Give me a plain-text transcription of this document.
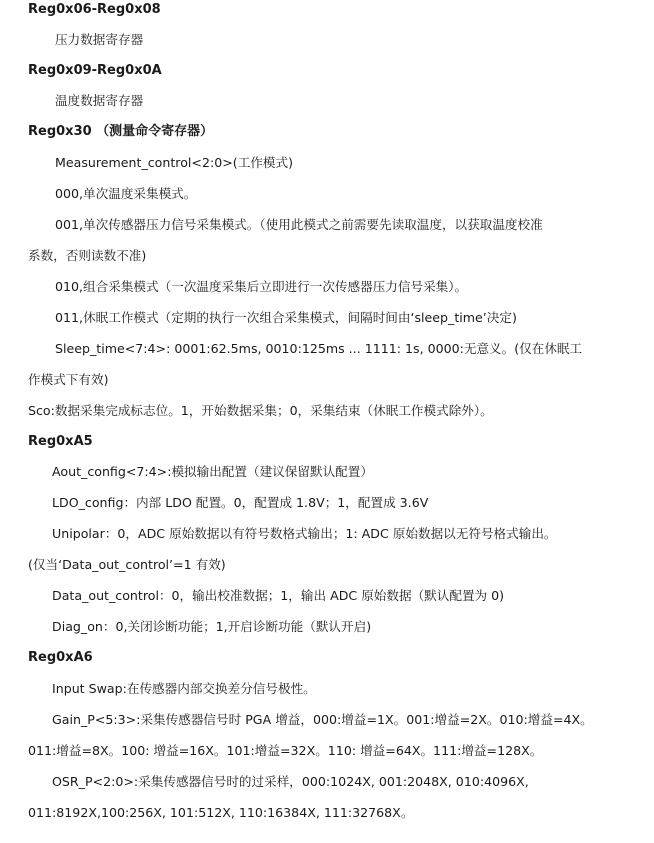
Reg0x06-Reg0x08
压力数据寄存器
Reg0x09-Reg0x0A
温度数据寄存器
Reg0x30 （测量命令寄存器）
Measurement_control<2:0>(工作模式)
000,单次温度采集模式。
001,单次传感器压力信号采集模式。（使用此模式之前需要先读取温度，以获取温度校准
系数，否则读数不准)
010,组合采集模式（一次温度采集后立即进行一次传感器压力信号采集）。
011,休眠工作模式（定期的执行一次组合采集模式，间隔时间由‘sleep_time’决定)
Sleep_time<7:4>: 0001:62.5ms, 0010:125ms ... 1111: 1s, 0000:无意义。(仅在休眠工
作模式下有效)
Sco:数据采集完成标志位。1，开始数据采集；0，采集结束（休眠工作模式除外）。
Reg0xA5
Aout_config<7:4>:模拟输出配置（建议保留默认配置）
LDO_config：内部 LDO 配置。0，配置成 1.8V；1，配置成 3.6V
Unipolar：0，ADC 原始数据以有符号数格式输出；1: ADC 原始数据以无符号格式输出。
(仅当‘Data_out_control’=1 有效)
Data_out_control：0，输出校准数据；1，输出 ADC 原始数据（默认配置为 0)
Diag_on：0,关闭诊断功能；1,开启诊断功能（默认开启)
Reg0xA6
Input Swap:在传感器内部交换差分信号极性。
Gain_P<5:3>:采集传感器信号时 PGA 增益，000:增益=1X。001:增益=2X。010:增益=4X。
011:增益=8X。100: 增益=16X。101:增益=32X。110: 增益=64X。111:增益=128X。
OSR_P<2:0>:采集传感器信号时的过采样，000:1024X, 001:2048X, 010:4096X,
011:8192X,100:256X, 101:512X, 110:16384X, 111:32768X。
